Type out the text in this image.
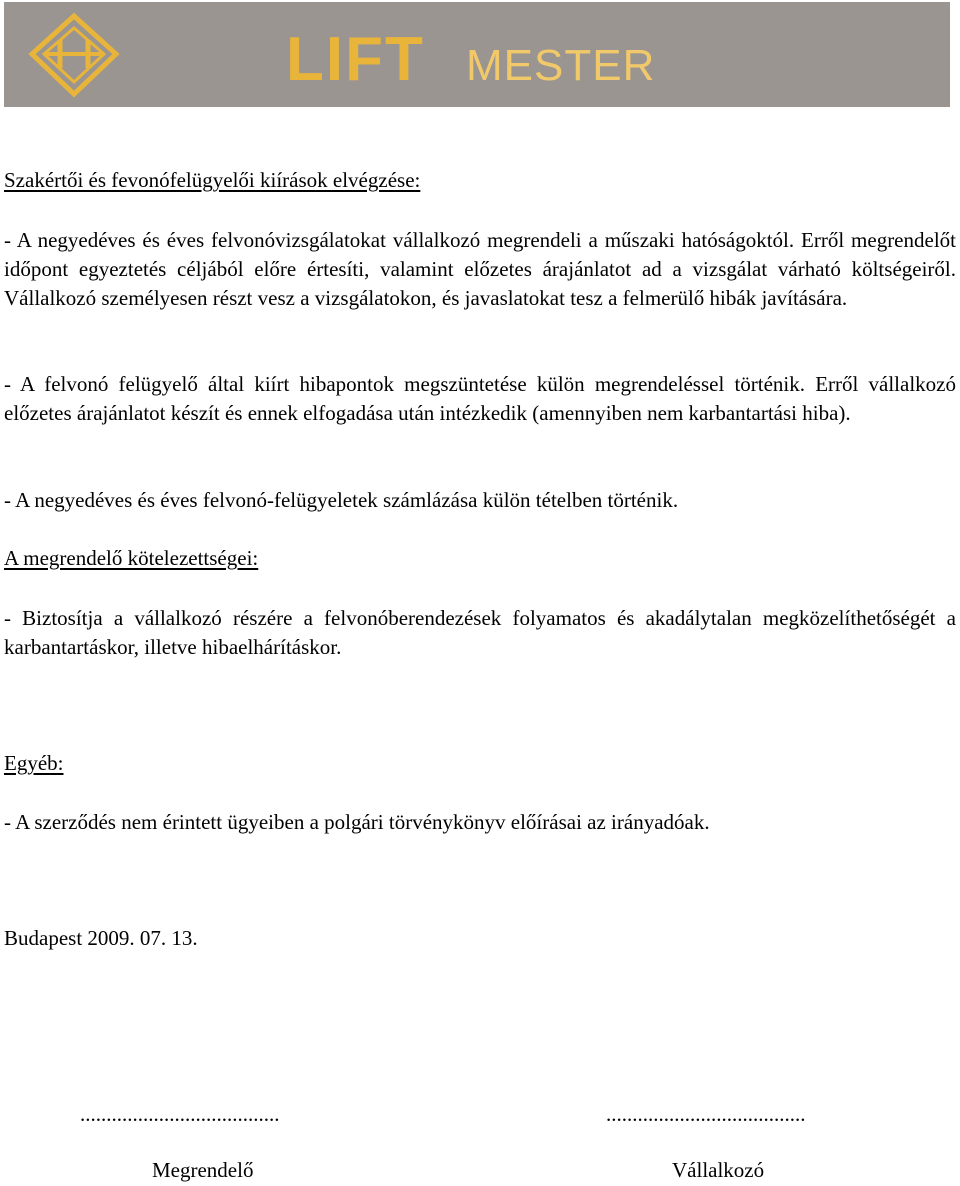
LIFT MESTER

Szakértői és fevonófelügyelői kiírások elvégzése:

- A negyedéves és éves felvonóvizsgálatokat vállalkozó megrendeli a műszaki hatóságoktól. Erről megrendelőt időpont egyeztetés céljából előre értesíti, valamint előzetes árajánlatot ad a vizsgálat várható költségeiről. Vállalkozó személyesen részt vesz a vizsgálatokon, és javaslatokat tesz a felmerülő hibák javítására.

- A felvonó felügyelő által kiírt hibapontok megszüntetése külön megrendeléssel történik. Erről vállalkozó előzetes árajánlatot készít és ennek elfogadása után intézkedik (amennyiben nem karbantartási hiba).

- A negyedéves és éves felvonó-felügyeletek számlázása külön tételben történik.

A megrendelő kötelezettségei:

- Biztosítja a vállalkozó részére a felvonóberendezések folyamatos és akadálytalan megközelíthetőségét a karbantartáskor, illetve hibaelhárításkor.

Egyéb:

- A szerződés nem érintett ügyeiben a polgári törvénykönyv előírásai az irányadóak.

Budapest 2009. 07. 13.

......................................	......................................
Megrendelő	Vállalkozó
